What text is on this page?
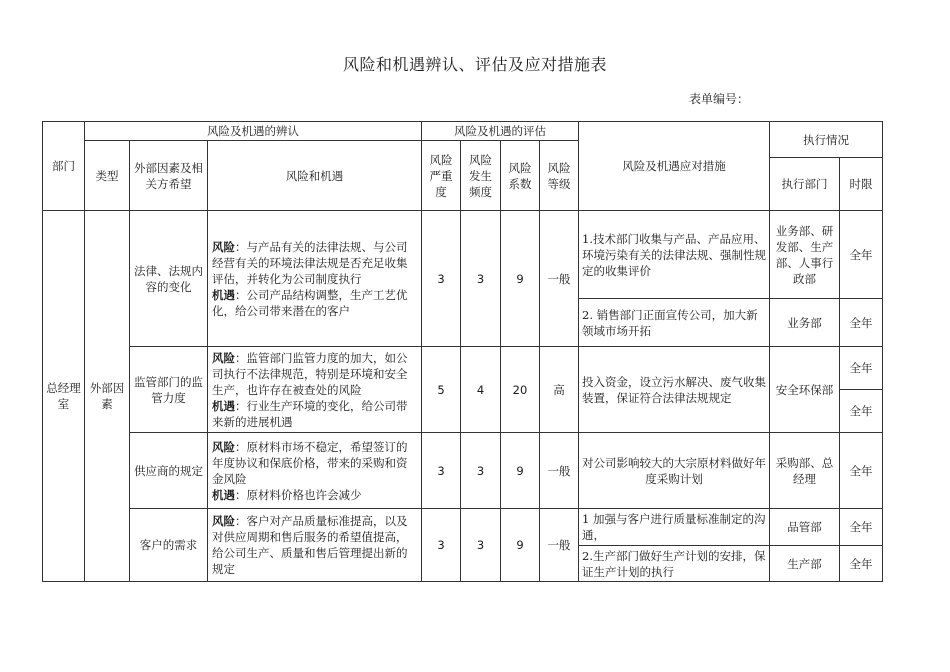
风险和机遇辨认、评估及应对措施表
表单编号：
部门	风险及机遇的辨认			风险及机遇的评估				风险及机遇应对措施	执行情况	
	类型	外部因素及相关方希望	风险和机遇	风险严重度	风险发生频度	风险系数	风险等级			
									执行部门	时限
总经理室	外部因素	法律、法规内容的变化	风险：与产品有关的法律法规、与公司经营有关的环境法律法规是否充足收集评估，并转化为公司制度执行
机遇：公司产品结构调整，生产工艺优化，给公司带来潜在的客户	3	3	9	一般	1.技术部门收集与产品、产品应用、环境污染有关的法律法规、强制性规定的收集评价	业务部、研发部、生产部、人事行政部	全年
								2. 销售部门正面宣传公司，加大新领域市场开拓	业务部	全年
		监管部门的监管力度	风险：监管部门监管力度的加大，如公司执行不法律规范，特别是环境和安全生产，也许存在被查处的风险
机遇：行业生产环境的变化，给公司带来新的进展机遇	5	4	20	高	投入资金，设立污水解决、废气收集装置，保证符合法律法规规定	安全环保部	全年
										全年
		供应商的规定	风险：原材料市场不稳定，希望签订的年度协议和保底价格，带来的采购和资金风险
机遇：原材料价格也许会减少	3	3	9	一般	对公司影响较大的大宗原材料做好年度采购计划	采购部、总经理	全年
		客户的需求	风险：客户对产品质量标准提高，以及对供应周期和售后服务的希望值提高，给公司生产、质量和售后管理提出新的规定	3	3	9	一般	1 加强与客户进行质量标准制定的沟通，	品管部	全年
								2.生产部门做好生产计划的安排，保证生产计划的执行	生产部	全年
